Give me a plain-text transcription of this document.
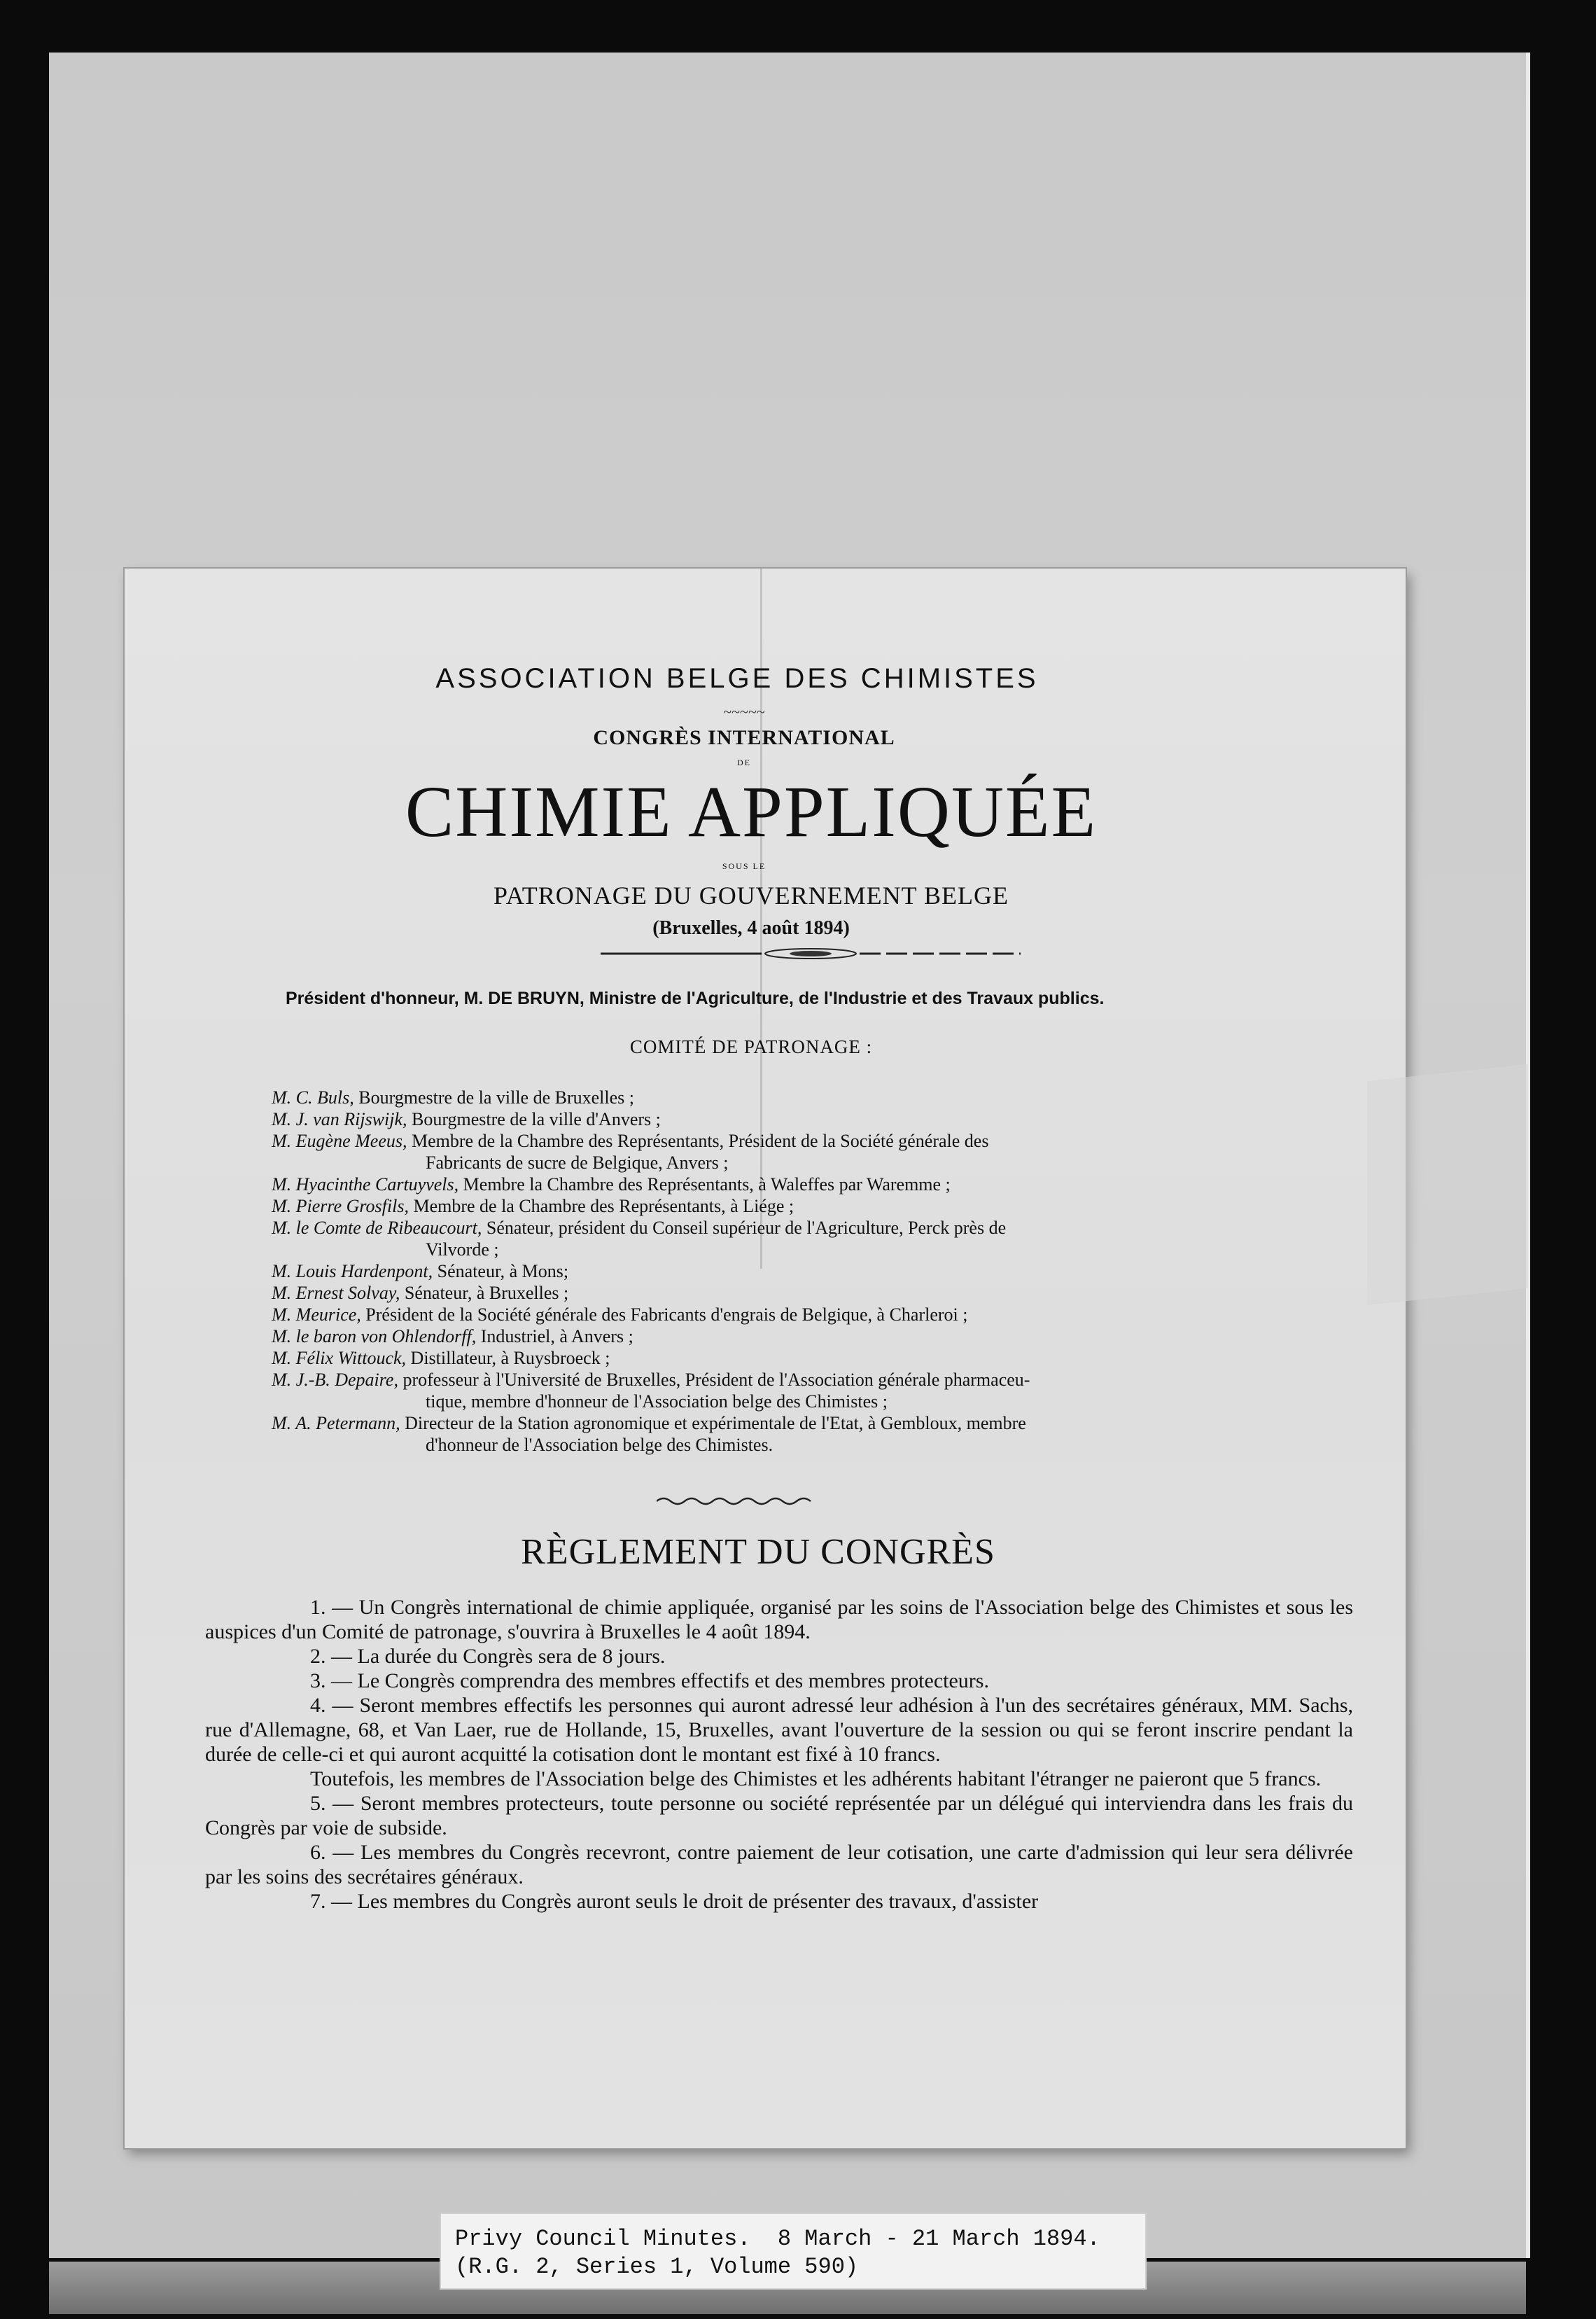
ASSOCIATION BELGE DES CHIMISTES
~~~~~
CONGRÈS INTERNATIONAL
DE
CHIMIE APPLIQUÉE
SOUS LE
PATRONAGE DU GOUVERNEMENT BELGE
(Bruxelles, 4 août 1894)
Président d'honneur, M. DE BRUYN, Ministre de l'Agriculture, de l'Industrie et des Travaux publics.
COMITÉ DE PATRONAGE :

M. C. Buls, Bourgmestre de la ville de Bruxelles ;

M. J. van Rijswijk, Bourgmestre de la ville d'Anvers ;

M. Eugène Meeus, Membre de la Chambre des Représentants, Président de la Société générale des
Fabricants de sucre de Belgique, Anvers ;

M. Hyacinthe Cartuyvels, Membre la Chambre des Représentants, à Waleffes par Waremme ;

M. Pierre Grosfils, Membre de la Chambre des Représentants, à Liége ;

M. le Comte de Ribeaucourt, Sénateur, président du Conseil supérieur de l'Agriculture, Perck près de
Vilvorde ;

M. Louis Hardenpont, Sénateur, à Mons;

M. Ernest Solvay, Sénateur, à Bruxelles ;

M. Meurice, Président de la Société générale des Fabricants d'engrais de Belgique, à Charleroi ;

M. le baron von Ohlendorff, Industriel, à Anvers ;

M. Félix Wittouck, Distillateur, à Ruysbroeck ;

M. J.-B. Depaire, professeur à l'Université de Bruxelles, Président de l'Association générale pharmaceu-
tique, membre d'honneur de l'Association belge des Chimistes ;

M. A. Petermann, Directeur de la Station agronomique et expérimentale de l'Etat, à Gembloux, membre
d'honneur de l'Association belge des Chimistes.

RÈGLEMENT DU CONGRÈS

1. — Un Congrès international de chimie appliquée, organisé par les soins de l'Association belge des Chimistes et sous les auspices d'un Comité de patronage, s'ouvrira à Bruxelles le 4 août 1894.

2. — La durée du Congrès sera de 8 jours.

3. — Le Congrès comprendra des membres effectifs et des membres protecteurs.

4. — Seront membres effectifs les personnes qui auront adressé leur adhésion à l'un des secrétaires généraux, MM. Sachs, rue d'Allemagne, 68, et Van Laer, rue de Hollande, 15, Bruxelles, avant l'ouverture de la session ou qui se feront inscrire pendant la durée de celle-ci et qui auront acquitté la cotisation dont le montant est fixé à 10 francs.

Toutefois, les membres de l'Association belge des Chimistes et les adhérents habitant l'étranger ne paieront que 5 francs.

5. — Seront membres protecteurs, toute personne ou société représentée par un délégué qui interviendra dans les frais du Congrès par voie de subside.

6. — Les membres du Congrès recevront, contre paiement de leur cotisation, une carte d'admission qui leur sera délivrée par les soins des secrétaires généraux.

7. — Les membres du Congrès auront seuls le droit de présenter des travaux, d'assister

Privy Council Minutes.  8 March - 21 March 1894.
(R.G. 2, Series 1, Volume 590)
